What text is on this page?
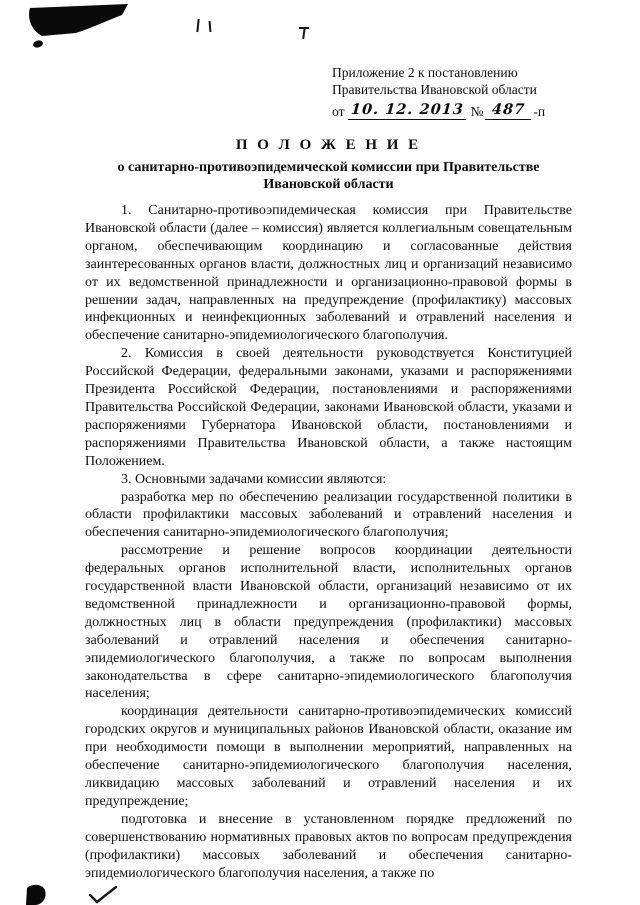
Приложение 2 к постановлению
Правительства Ивановской области
от 10. 12. 2013 № 487 -п
П О Л О Ж Е Н И Е
о санитарно-противоэпидемической комиссии при Правительстве
Ивановской области

1. Санитарно-противоэпидемическая комиссия при Правительстве Ивановской области (далее – комиссия) является коллегиальным совещательным органом, обеспечивающим координацию и согласованные действия заинтересованных органов власти, должностных лиц и организаций независимо от их ведомственной принадлежности и организационно-правовой формы в решении задач, направленных на предупреждение (профилактику) массовых инфекционных и неинфекционных заболеваний и отравлений населения и обеспечение санитарно-эпидемиологического благополучия.

2. Комиссия в своей деятельности руководствуется Конституцией Российской Федерации, федеральными законами, указами и распоряжениями Президента Российской Федерации, постановлениями и распоряжениями Правительства Российской Федерации, законами Ивановской области, указами и распоряжениями Губернатора Ивановской области, постановлениями и распоряжениями Правительства Ивановской области, а также настоящим Положением.

3. Основными задачами комиссии являются:

разработка мер по обеспечению реализации государственной политики в области профилактики массовых заболеваний и отравлений населения и обеспечения санитарно-эпидемиологического благополучия;

рассмотрение и решение вопросов координации деятельности федеральных органов исполнительной власти, исполнительных органов государственной власти Ивановской области, организаций независимо от их ведомственной принадлежности и организационно-правовой формы, должностных лиц в области предупреждения (профилактики) массовых заболеваний и отравлений населения и обеспечения санитарно-эпидемиологического благополучия, а также по вопросам выполнения законодательства в сфере санитарно-эпидемиологического благополучия населения;

координация деятельности санитарно-противоэпидемических комиссий городских округов и муниципальных районов Ивановской области, оказание им при необходимости помощи в выполнении мероприятий, направленных на обеспечение санитарно-эпидемиологического благополучия населения, ликвидацию массовых заболеваний и отравлений населения и их предупреждение;

подготовка и внесение в установленном порядке предложений по совершенствованию нормативных правовых актов по вопросам предупреждения (профилактики) массовых заболеваний и обеспечения санитарно-эпидемиологического благополучия населения, а также по
